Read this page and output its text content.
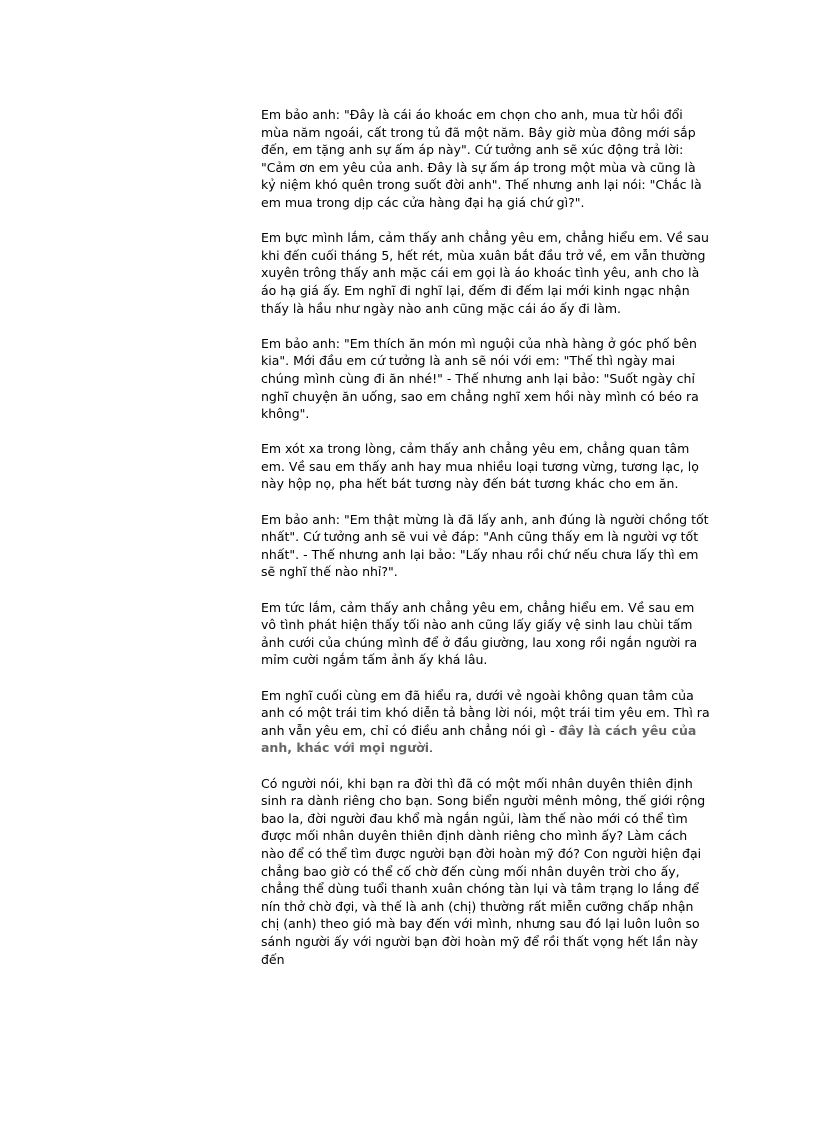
Em bảo anh: "Đây là cái áo khoác em chọn cho anh, mua từ hồi đổi mùa năm ngoái, cất trong tủ đã một năm. Bây giờ mùa đông mới sắp đến, em tặng anh sự ấm áp này". Cứ tưởng anh sẽ xúc động trả lời: "Cảm ơn em yêu của anh. Đây là sự ấm áp trong một mùa và cũng là kỷ niệm khó quên trong suốt đời anh". Thế nhưng anh lại nói: "Chắc là em mua trong dịp các cửa hàng đại hạ giá chứ gì?".

Em bực mình lắm, cảm thấy anh chẳng yêu em, chẳng hiểu em. Về sau khi đến cuối tháng 5, hết rét, mùa xuân bắt đầu trở về, em vẫn thường xuyên trông thấy anh mặc cái em gọi là áo khoác tình yêu, anh cho là áo hạ giá ấy. Em nghĩ đi nghĩ lại, đếm đi đếm lại mới kinh ngạc nhận thấy là hầu như ngày nào anh cũng mặc cái áo ấy đi làm.

Em bảo anh: "Em thích ăn món mì nguội của nhà hàng ở góc phố bên kia". Mới đầu em cứ tưởng là anh sẽ nói với em: "Thế thì ngày mai chúng mình cùng đi ăn nhé!" - Thế nhưng anh lại bảo: "Suốt ngày chỉ nghĩ chuyện ăn uống, sao em chẳng nghĩ xem hồi này mình có béo ra không".

Em xót xa trong lòng, cảm thấy anh chẳng yêu em, chẳng quan tâm em. Về sau em thấy anh hay mua nhiều loại tương vừng, tương lạc, lọ này hộp nọ, pha hết bát tương này đến bát tương khác cho em ăn.

Em bảo anh: "Em thật mừng là đã lấy anh, anh đúng là người chồng tốt nhất". Cứ tưởng anh sẽ vui vẻ đáp: "Anh cũng thấy em là người vợ tốt nhất". - Thế nhưng anh lại bảo: "Lấy nhau rồi chứ nếu chưa lấy thì em sẽ nghĩ thế nào nhỉ?".

Em tức lắm, cảm thấy anh chẳng yêu em, chẳng hiểu em. Về sau em vô tình phát hiện thấy tối nào anh cũng lấy giấy vệ sinh lau chùi tấm ảnh cưới của chúng mình để ở đầu giường, lau xong rồi ngắn người ra mỉm cười ngắm tấm ảnh ấy khá lâu.

Em nghĩ cuối cùng em đã hiểu ra, dưới vẻ ngoài không quan tâm của anh có một trái tim khó diễn tả bằng lời nói, một trái tim yêu em. Thì ra anh vẫn yêu em, chỉ có điều anh chẳng nói gì - đây là cách yêu của anh, khác với mọi người.

Có người nói, khi bạn ra đời thì đã có một mối nhân duyên thiên định sinh ra dành riêng cho bạn. Song biển người mênh mông, thế giới rộng bao la, đời người đau khổ mà ngắn ngủi, làm thế nào mới có thể tìm được mối nhân duyên thiên định dành riêng cho mình ấy? Làm cách nào để có thể tìm được người bạn đời hoàn mỹ đó? Con người hiện đại chẳng bao giờ có thể cố chờ đến cùng mối nhân duyên trời cho ấy, chẳng thể dùng tuổi thanh xuân chóng tàn lụi và tâm trạng lo lắng để nín thở chờ đợi, và thế là anh (chị) thường rất miễn cưỡng chấp nhận chị (anh) theo gió mà bay đến với mình, nhưng sau đó lại luôn luôn so sánh người ấy với người bạn đời hoàn mỹ để rồi thất vọng hết lần này đến
